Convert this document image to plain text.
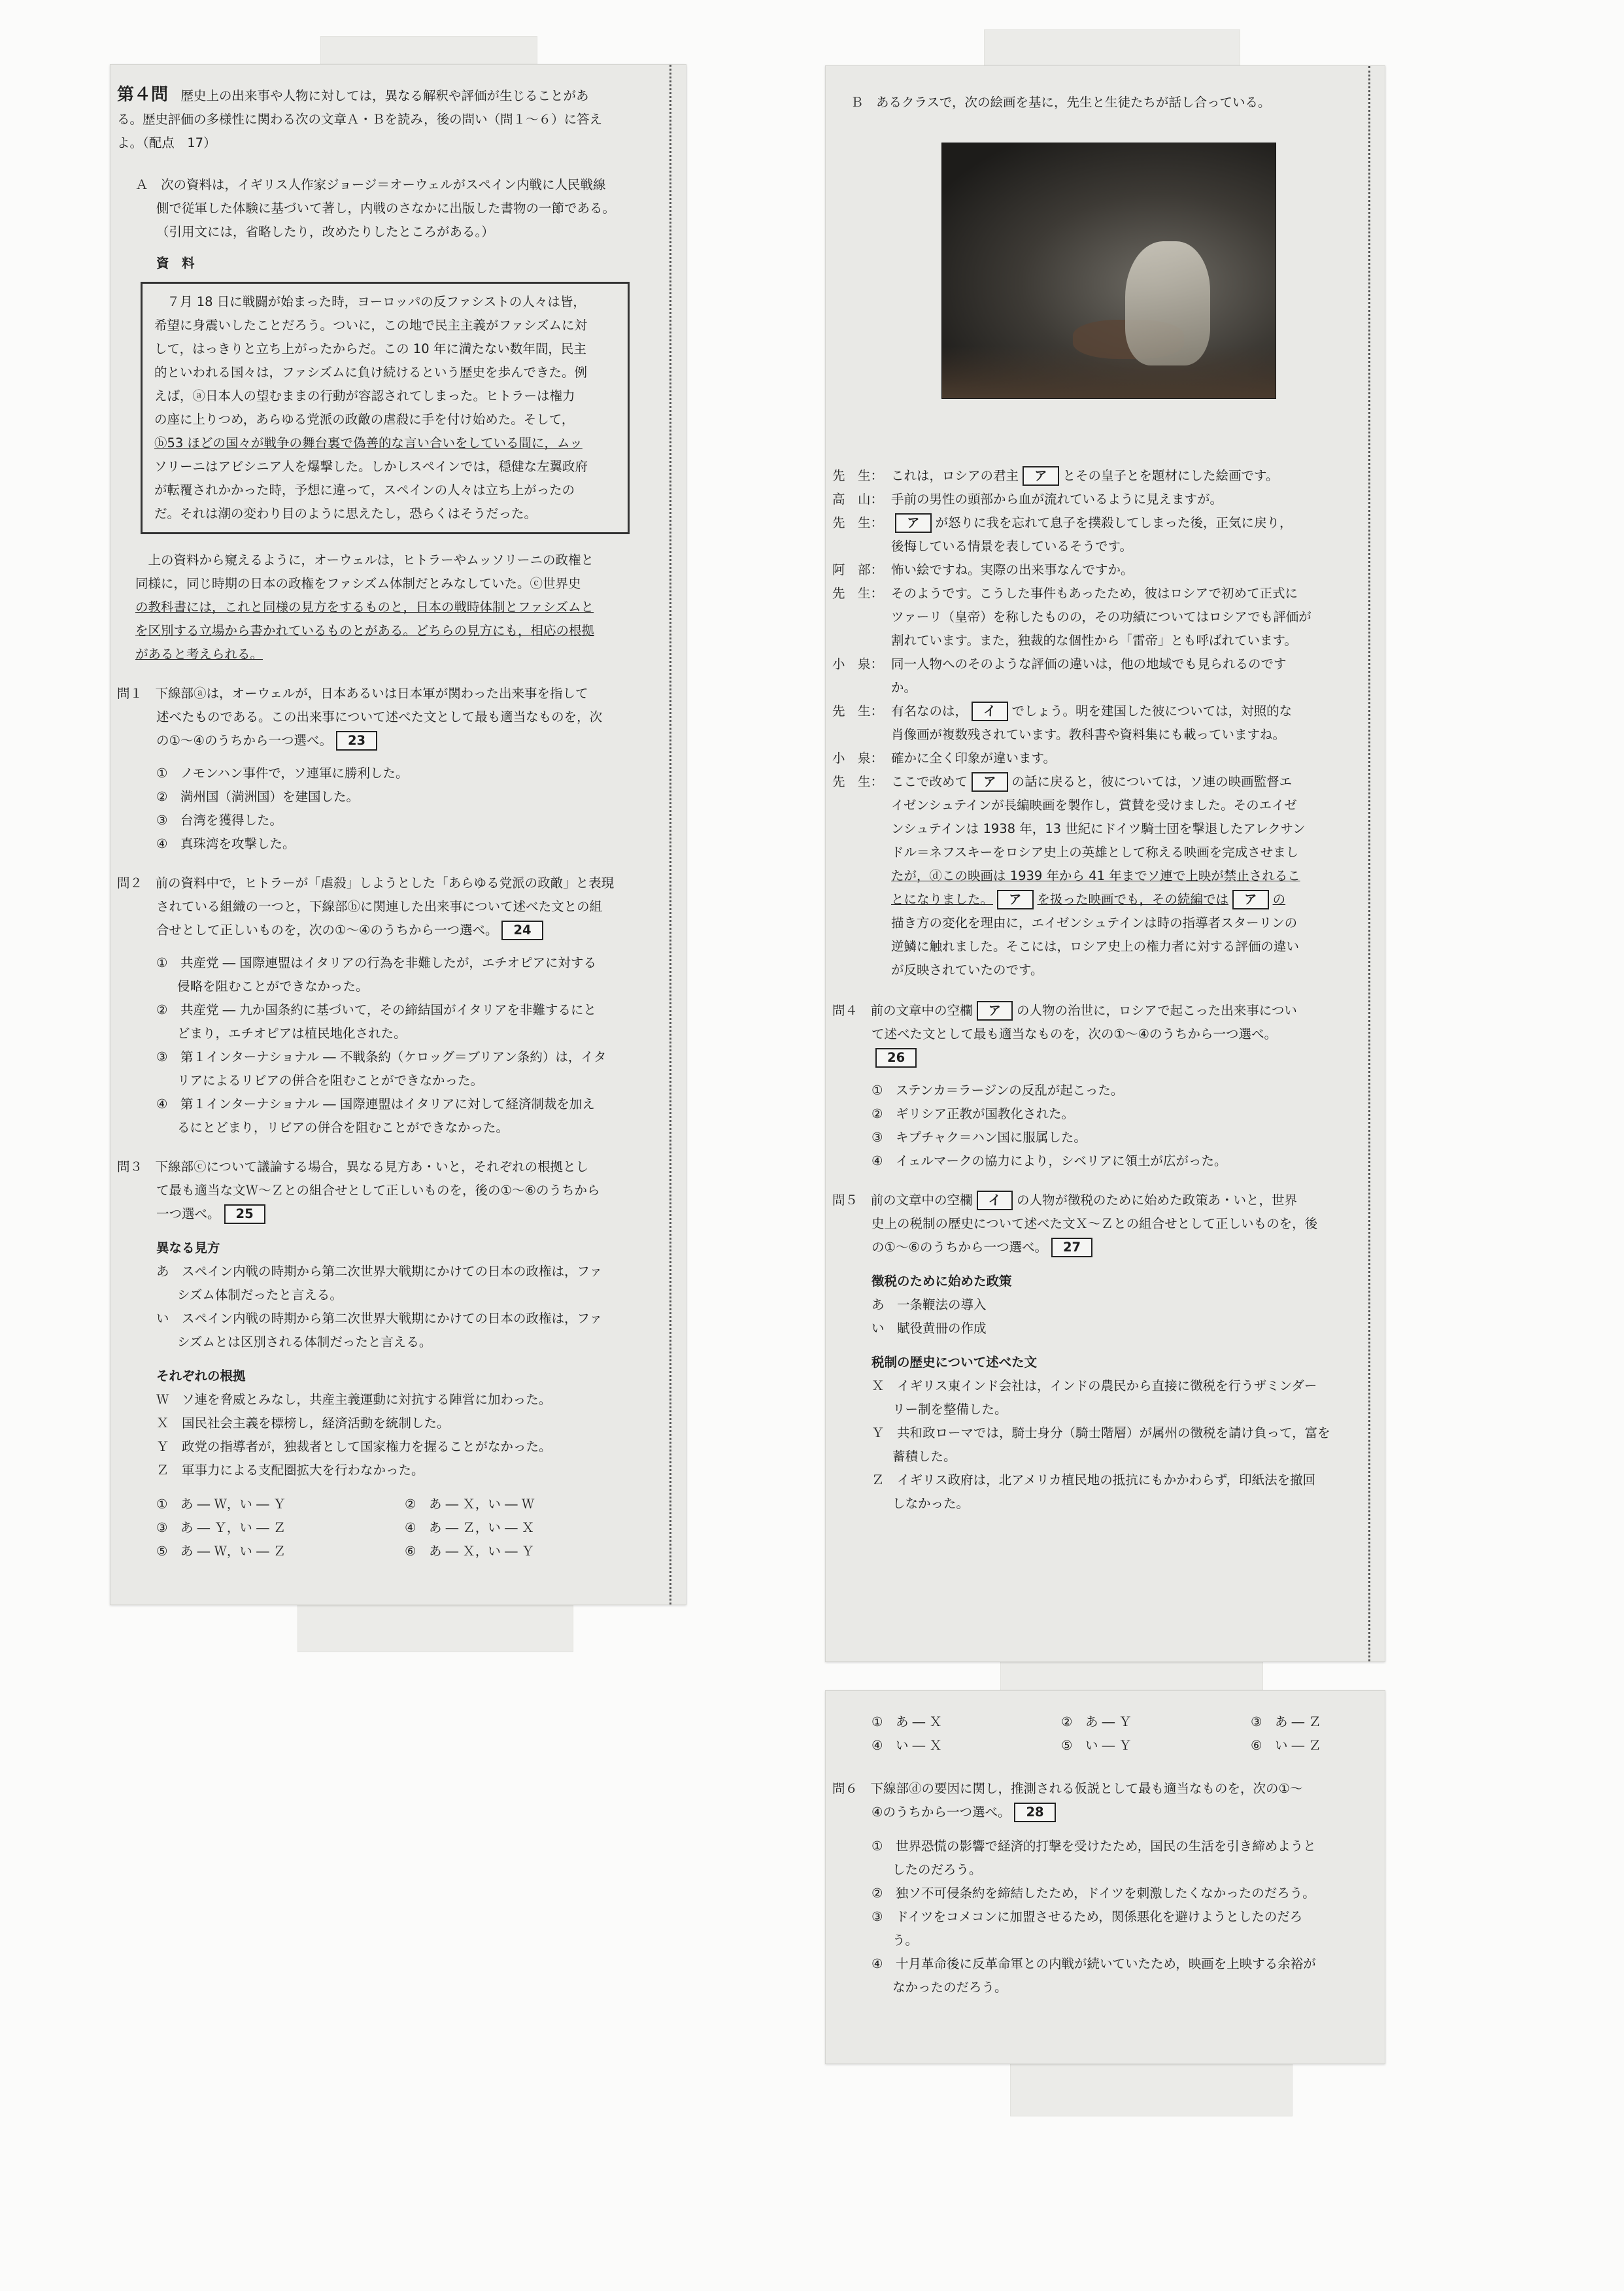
第４問　 歴史上の出来事や人物に対しては，異なる解釈や評価が生じることがあ
る。歴史評価の多様性に関わる次の文章Ａ・Ｂを読み，後の問い（問１～６）に答え
よ。（配点　17）
Ａ　次の資料は，イギリス人作家ジョージ＝オーウェルがスペイン内戦に人民戦線
側で従軍した体験に基づいて著し，内戦のさなかに出版した書物の一節である。
（引用文には，省略したり，改めたりしたところがある。）
資　料
　７月 18 日に戦闘が始まった時，ヨーロッパの反ファシストの人々は皆，
希望に身震いしたことだろう。ついに，この地で民主主義がファシズムに対
して，はっきりと立ち上がったからだ。この 10 年に満たない数年間，民主
的といわれる国々は，ファシズムに負け続けるという歴史を歩んできた。例
えば，ⓐ日本人の望むままの行動が容認されてしまった。ヒトラーは権力
の座に上りつめ，あらゆる党派の政敵の虐殺に手を付け始めた。そして，
ⓑ53 ほどの国々が戦争の舞台裏で偽善的な言い合いをしている間に，ムッ
ソリーニはアビシニア人を爆撃した。しかしスペインでは，穏健な左翼政府
が転覆されかかった時，予想に違って，スペインの人々は立ち上がったの
だ。それは潮の変わり目のように思えたし，恐らくはそうだった。
　上の資料から窺えるように，オーウェルは，ヒトラーやムッソリーニの政権と
同様に，同じ時期の日本の政権をファシズム体制だとみなしていた。ⓒ世界史
の教科書には，これと同様の見方をするものと，日本の戦時体制とファシズムと
を区別する立場から書かれているものとがある。どちらの見方にも，相応の根拠
があると考えられる。
問１　下線部ⓐは，オーウェルが，日本あるいは日本軍が関わった出来事を指して
述べたものである。この出来事について述べた文として最も適当なものを，次
の①～④のうちから一つ選べ。 23
①　ノモンハン事件で，ソ連軍に勝利した。
②　満州国（満洲国）を建国した。
③　台湾を獲得した。
④　真珠湾を攻撃した。
問２　前の資料中で，ヒトラーが「虐殺」しようとした「あらゆる党派の政敵」と表現
されている組織の一つと，下線部ⓑに関連した出来事について述べた文との組
合せとして正しいものを，次の①～④のうちから一つ選べ。 24
①　共産党 ― 国際連盟はイタリアの行為を非難したが，エチオピアに対する
侵略を阻むことができなかった。
②　共産党 ― 九か国条約に基づいて，その締結国がイタリアを非難するにと
どまり，エチオピアは植民地化された。
③　第１インターナショナル ― 不戦条約（ケロッグ＝ブリアン条約）は，イタ
リアによるリビアの併合を阻むことができなかった。
④　第１インターナショナル ― 国際連盟はイタリアに対して経済制裁を加え
るにとどまり，リビアの併合を阻むことができなかった。
問３　下線部ⓒについて議論する場合，異なる見方あ・いと，それぞれの根拠とし
て最も適当な文Ｗ～Ｚとの組合せとして正しいものを，後の①～⑥のうちから
一つ選べ。 25
異なる見方
あ　スペイン内戦の時期から第二次世界大戦期にかけての日本の政権は，ファ
シズム体制だったと言える。
い　スペイン内戦の時期から第二次世界大戦期にかけての日本の政権は，ファ
シズムとは区別される体制だったと言える。
それぞれの根拠
Ｗ　ソ連を脅威とみなし，共産主義運動に対抗する陣営に加わった。
Ｘ　国民社会主義を標榜し，経済活動を統制した。
Ｙ　政党の指導者が，独裁者として国家権力を握ることがなかった。
Ｚ　軍事力による支配圏拡大を行わなかった。
①　あ ― Ｗ，い ― Ｙ	②　あ ― Ｘ，い ― Ｗ
③　あ ― Ｙ，い ― Ｚ	④　あ ― Ｚ，い ― Ｘ
⑤　あ ― Ｗ，い ― Ｚ	⑥　あ ― Ｘ，い ― Ｙ
Ｂ　あるクラスで，次の絵画を基に，先生と生徒たちが話し合っている。
先　生： これは，ロシアの君主 ア とその皇子とを題材にした絵画です。
高　山： 手前の男性の頭部から血が流れているように見えますが。
先　生：	ア が怒りに我を忘れて息子を撲殺してしまった後，正気に戻り，
後悔している情景を表しているそうです。
阿　部： 怖い絵ですね。実際の出来事なんですか。
先　生： そのようです。こうした事件もあったため，彼はロシアで初めて正式に
ツァーリ（皇帝）を称したものの，その功績についてはロシアでも評価が
割れています。また，独裁的な個性から「雷帝」とも呼ばれています。
小　泉： 同一人物へのそのような評価の違いは，他の地域でも見られるのです
か。
先　生： 有名なのは， イ でしょう。明を建国した彼については，対照的な
肖像画が複数残されています。教科書や資料集にも載っていますね。
小　泉： 確かに全く印象が違います。
先　生： ここで改めて ア の話に戻ると，彼については，ソ連の映画監督エ
イゼンシュテインが長編映画を製作し，賞賛を受けました。そのエイゼ
ンシュテインは 1938 年，13 世紀にドイツ騎士団を撃退したアレクサン
ドル＝ネフスキーをロシア史上の英雄として称える映画を完成させまし
たが，ⓓこの映画は 1939 年から 41 年までソ連で上映が禁止されるこ
とになりました。 ア を扱った映画でも，その続編では ア の
描き方の変化を理由に，エイゼンシュテインは時の指導者スターリンの
逆鱗に触れました。そこには，ロシア史上の権力者に対する評価の違い
が反映されていたのです。
問４　前の文章中の空欄 ア の人物の治世に，ロシアで起こった出来事につい
て述べた文として最も適当なものを，次の①～④のうちから一つ選べ。
26
①　ステンカ＝ラージンの反乱が起こった。
②　ギリシア正教が国教化された。
③　キプチャク＝ハン国に服属した。
④　イェルマークの協力により，シベリアに領土が広がった。
問５　前の文章中の空欄 イ の人物が徴税のために始めた政策あ・いと，世界
史上の税制の歴史について述べた文Ｘ～Ｚとの組合せとして正しいものを，後
の①～⑥のうちから一つ選べ。 27
徴税のために始めた政策
あ　一条鞭法の導入
い　賦役黄冊の作成
税制の歴史について述べた文
Ｘ　イギリス東インド会社は，インドの農民から直接に徴税を行うザミンダー
リー制を整備した。
Ｙ　共和政ローマでは，騎士身分（騎士階層）が属州の徴税を請け負って，富を
蓄積した。
Ｚ　イギリス政府は，北アメリカ植民地の抵抗にもかかわらず，印紙法を撤回
しなかった。
①　あ ― Ｘ	②　あ ― Ｙ	③　あ ― Ｚ
④　い ― Ｘ	⑤　い ― Ｙ	⑥　い ― Ｚ
問６　下線部ⓓの要因に関し，推測される仮説として最も適当なものを，次の①～
④のうちから一つ選べ。 28
①　世界恐慌の影響で経済的打撃を受けたため，国民の生活を引き締めようと
したのだろう。
②　独ソ不可侵条約を締結したため，ドイツを刺激したくなかったのだろう。
③　ドイツをコメコンに加盟させるため，関係悪化を避けようとしたのだろ
う。
④　十月革命後に反革命軍との内戦が続いていたため，映画を上映する余裕が
なかったのだろう。
